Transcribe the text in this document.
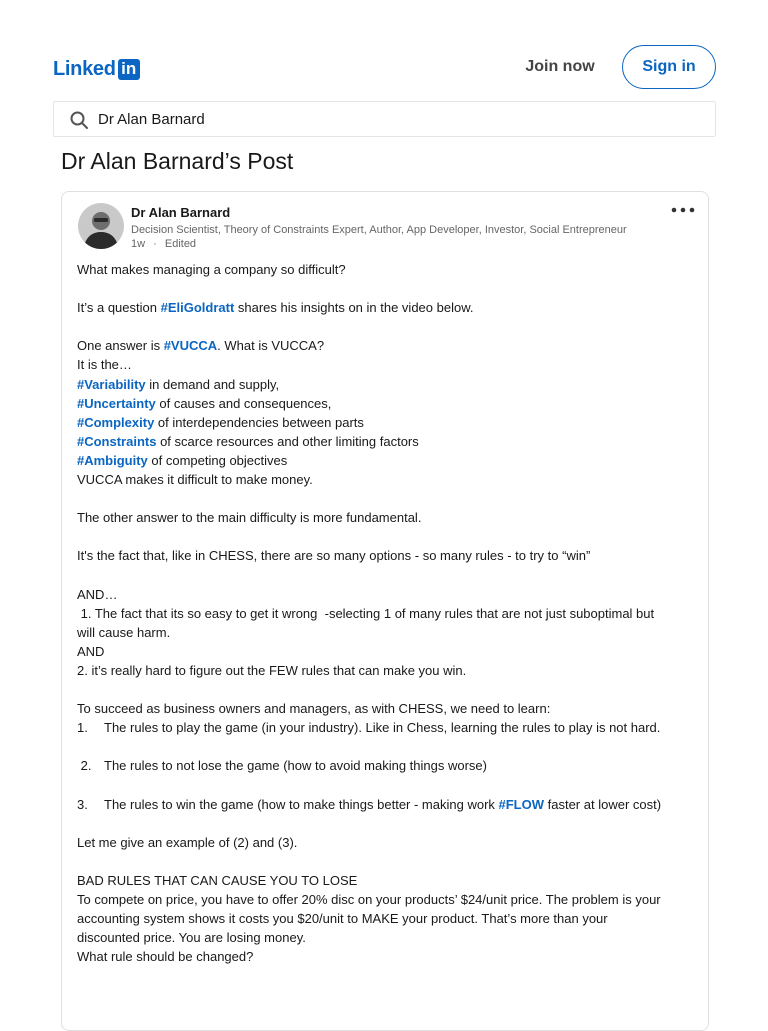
Linked in	Join now	Sign in
Dr Alan Barnard
Dr Alan Barnard’s Post
Dr Alan Barnard
Decision Scientist, Theory of Constraints Expert, Author, App Developer, Investor, Social Entrepreneur
1w · Edited
What makes managing a company so difficult?
It’s a question #EliGoldratt shares his insights on in the video below.
One answer is #VUCCA. What is VUCCA?
It is the…
#Variability in demand and supply,
#Uncertainty of causes and consequences,
#Complexity of interdependencies between parts
#Constraints of scarce resources and other limiting factors
#Ambiguity of competing objectives
VUCCA makes it difficult to make money.
The other answer to the main difficulty is more fundamental.
It's the fact that, like in CHESS, there are so many options - so many rules - to try to “win”
AND…
1. The fact that its so easy to get it wrong  -selecting 1 of many rules that are not just suboptimal but
will cause harm.
AND
2. it’s really hard to figure out the FEW rules that can make you win.
To succeed as business owners and managers, as with CHESS, we need to learn:
1. The rules to play the game (in your industry). Like in Chess, learning the rules to play is not hard.
2. The rules to not lose the game (how to avoid making things worse)
3. The rules to win the game (how to make things better - making work #FLOW faster at lower cost)
Let me give an example of (2) and (3).
BAD RULES THAT CAN CAUSE YOU TO LOSE
To compete on price, you have to offer 20% disc on your products’ $24/unit price. The problem is your
accounting system shows it costs you $20/unit to MAKE your product. That’s more than your
discounted price. You are losing money.
What rule should be changed?
